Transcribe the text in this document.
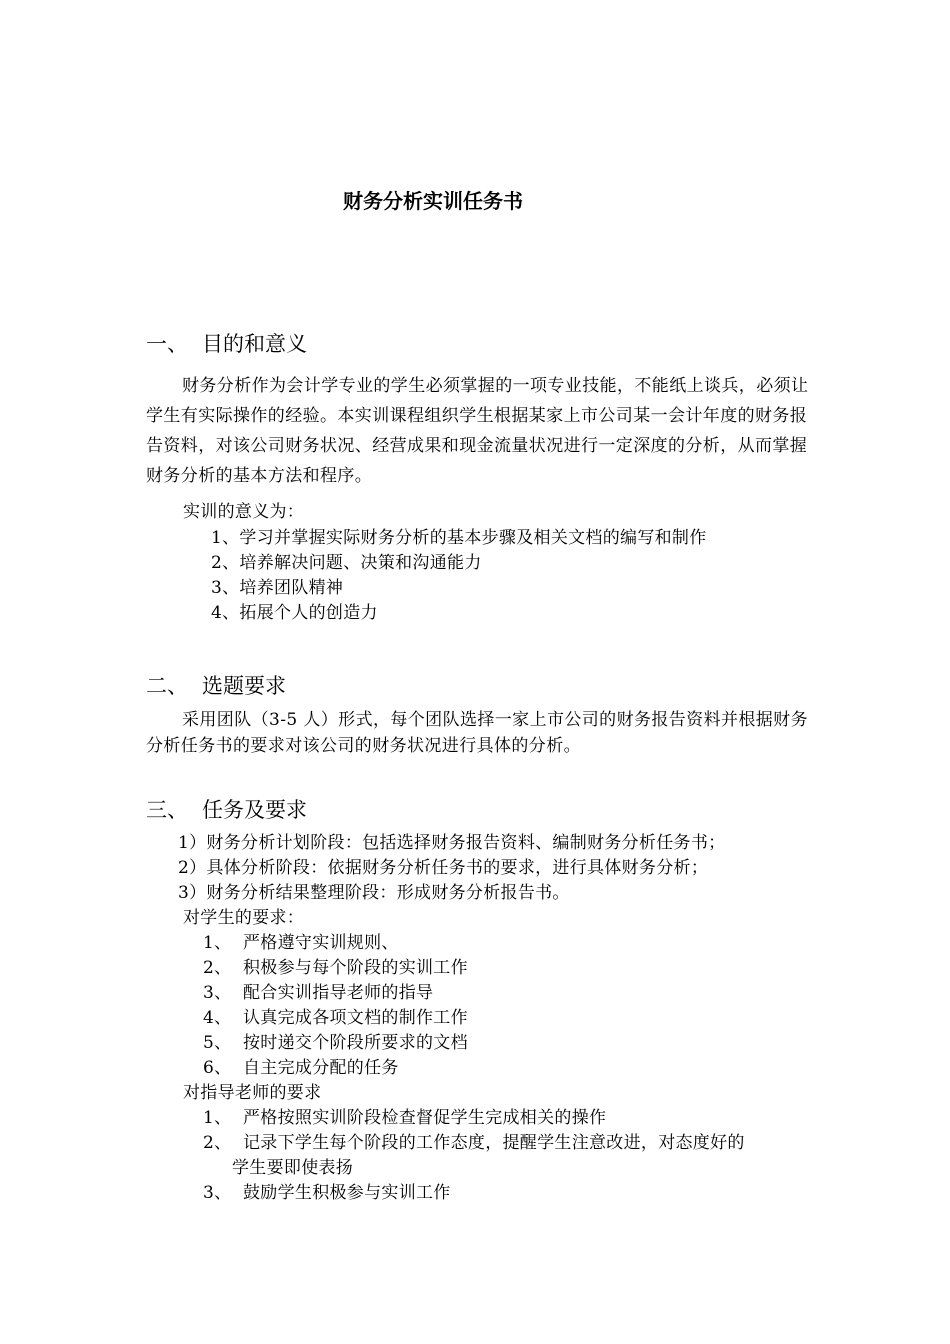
财务分析实训任务书
一、 目的和意义
财务分析作为会计学专业的学生必须掌握的一项专业技能，不能纸上谈兵，必须让学生有实际操作的经验。本实训课程组织学生根据某家上市公司某一会计年度的财务报告资料，对该公司财务状况、经营成果和现金流量状况进行一定深度的分析，从而掌握财务分析的基本方法和程序。
实训的意义为：
1、学习并掌握实际财务分析的基本步骤及相关文档的编写和制作
2、培养解决问题、决策和沟通能力
3、培养团队精神
4、拓展个人的创造力
二、 选题要求
采用团队（3-5 人）形式，每个团队选择一家上市公司的财务报告资料并根据财务分析任务书的要求对该公司的财务状况进行具体的分析。
三、 任务及要求
1）财务分析计划阶段：包括选择财务报告资料、编制财务分析任务书；
2）具体分析阶段：依据财务分析任务书的要求，进行具体财务分析；
3）财务分析结果整理阶段：形成财务分析报告书。
对学生的要求：
1、 严格遵守实训规则、
2、 积极参与每个阶段的实训工作
3、 配合实训指导老师的指导
4、 认真完成各项文档的制作工作
5、 按时递交个阶段所要求的文档
6、 自主完成分配的任务
对指导老师的要求
1、 严格按照实训阶段检查督促学生完成相关的操作
2、 记录下学生每个阶段的工作态度，提醒学生注意改进，对态度好的
学生要即使表扬
3、 鼓励学生积极参与实训工作
